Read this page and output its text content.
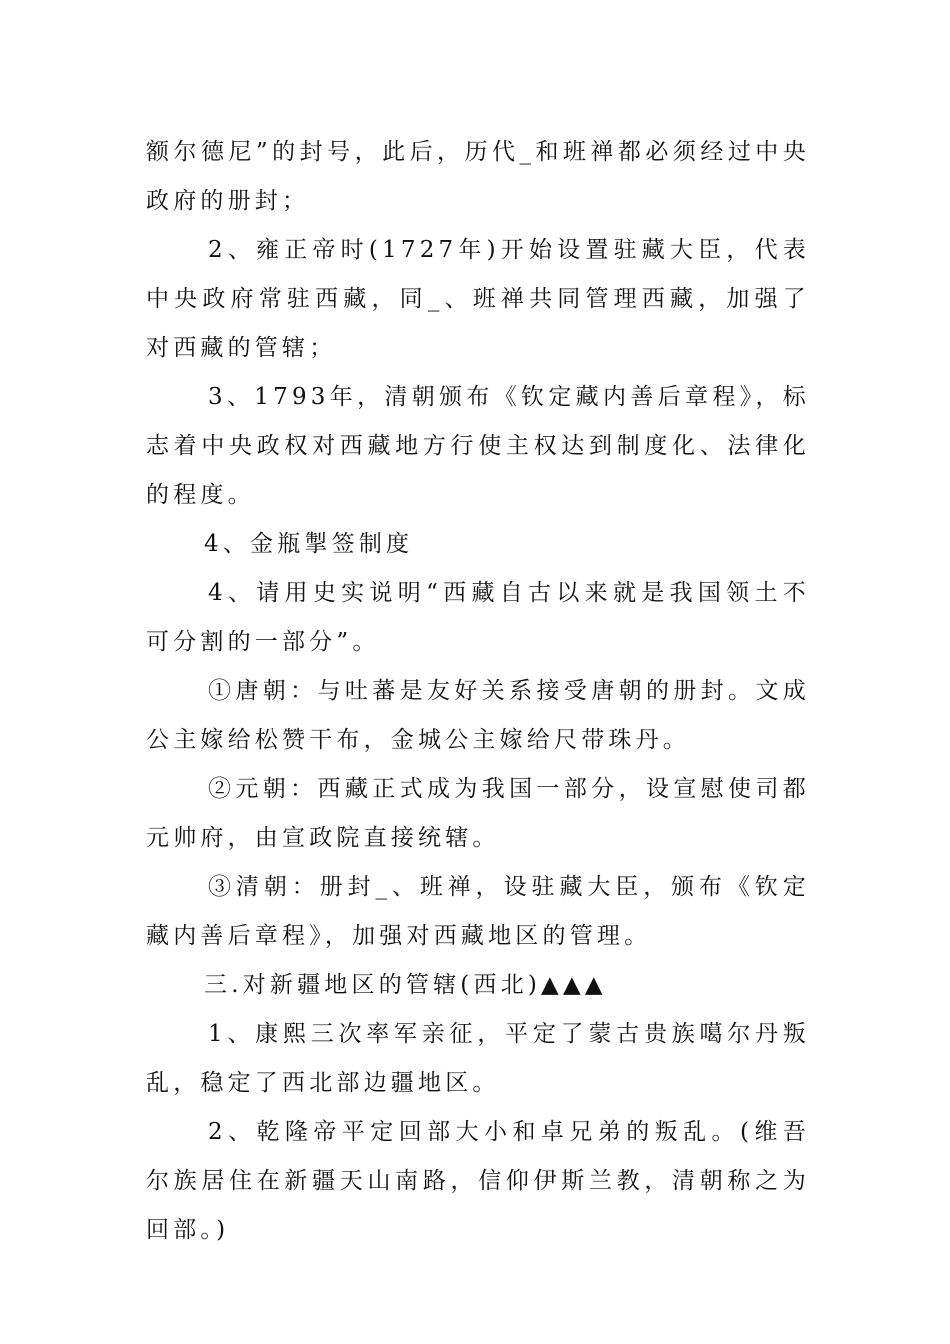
额尔德尼”的封号，此后，历代_和班禅都必须经过中央政府的册封；

2、雍正帝时(1727年)开始设置驻藏大臣，代表中央政府常驻西藏，同_、班禅共同管理西藏，加强了对西藏的管辖；

3、1793年，清朝颁布《钦定藏内善后章程》，标志着中央政权对西藏地方行使主权达到制度化、法律化的程度。

4、金瓶掣签制度

4、请用史实说明“西藏自古以来就是我国领土不可分割的一部分”。

①唐朝：与吐蕃是友好关系接受唐朝的册封。文成公主嫁给松赞干布，金城公主嫁给尺带珠丹。

②元朝：西藏正式成为我国一部分，设宣慰使司都元帅府，由宣政院直接统辖。

③清朝：册封_、班禅，设驻藏大臣，颁布《钦定藏内善后章程》，加强对西藏地区的管理。

三.对新疆地区的管辖(西北)▲▲▲

1、康熙三次率军亲征，平定了蒙古贵族噶尔丹叛乱，稳定了西北部边疆地区。

2、乾隆帝平定回部大小和卓兄弟的叛乱。(维吾尔族居住在新疆天山南路，信仰伊斯兰教，清朝称之为回部。)
